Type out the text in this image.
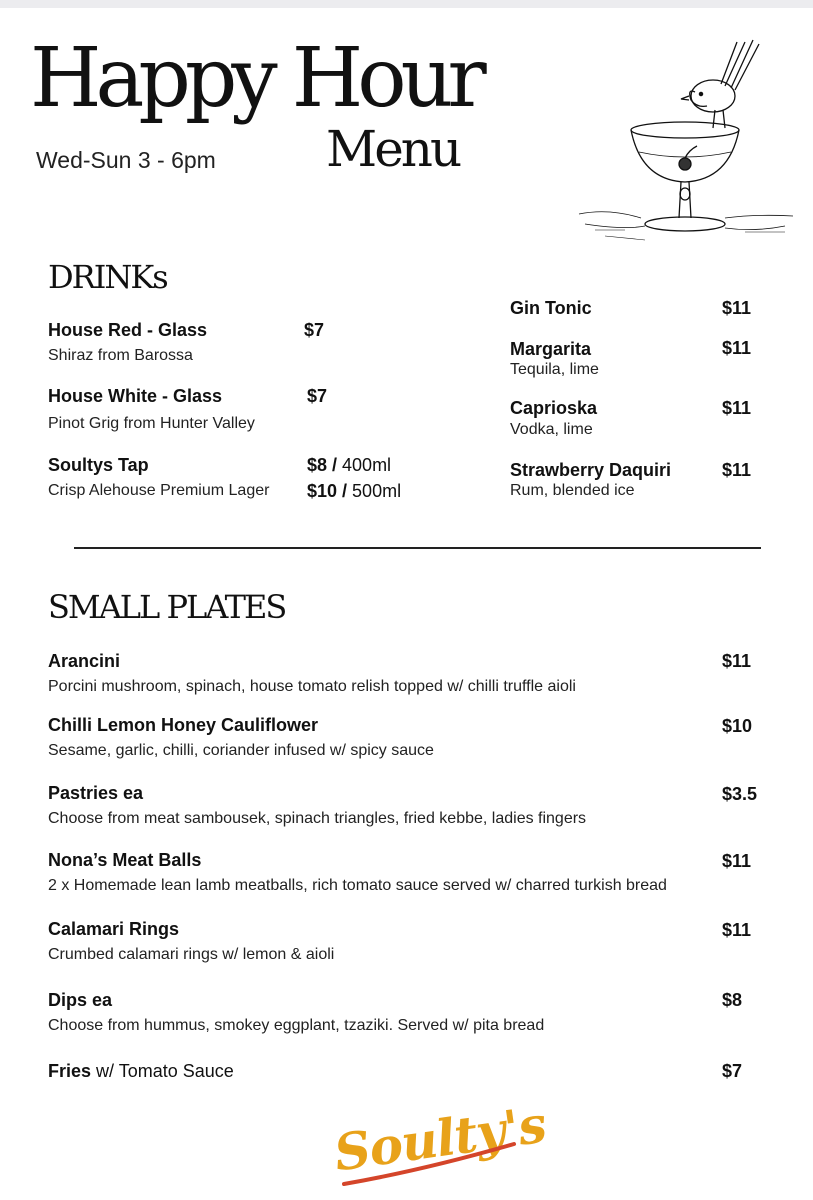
Happy Hour
Menu
Wed-Sun 3 - 6pm
DRINKs
House Red - Glass
Shiraz from Barossa
$7
House White - Glass
Pinot Grig from Hunter Valley
$7
Soultys Tap
Crisp Alehouse Premium Lager
$8 / 400ml
$10 / 500ml
Gin Tonic	$11
Margarita
Tequila, lime
$11
Caprioska
Vodka, lime
$11
Strawberry Daquiri
Rum, blended ice
$11
SMALL PLATES
Arancini
Porcini mushroom, spinach, house tomato relish topped w/ chilli truffle aioli
$11
Chilli Lemon Honey Cauliflower
Sesame, garlic, chilli, coriander infused w/ spicy sauce
$10
Pastries ea
Choose from meat sambousek, spinach triangles, fried kebbe, ladies fingers
$3.5
Nona’s Meat Balls
2 x Homemade lean lamb meatballs, rich tomato sauce served w/ charred turkish bread
$11
Calamari Rings
Crumbed calamari rings w/ lemon & aioli
$11
Dips ea
Choose from hummus, smokey eggplant, tzaziki. Served w/ pita bread
$8
Fries w/ Tomato Sauce	$7
Soulty's
